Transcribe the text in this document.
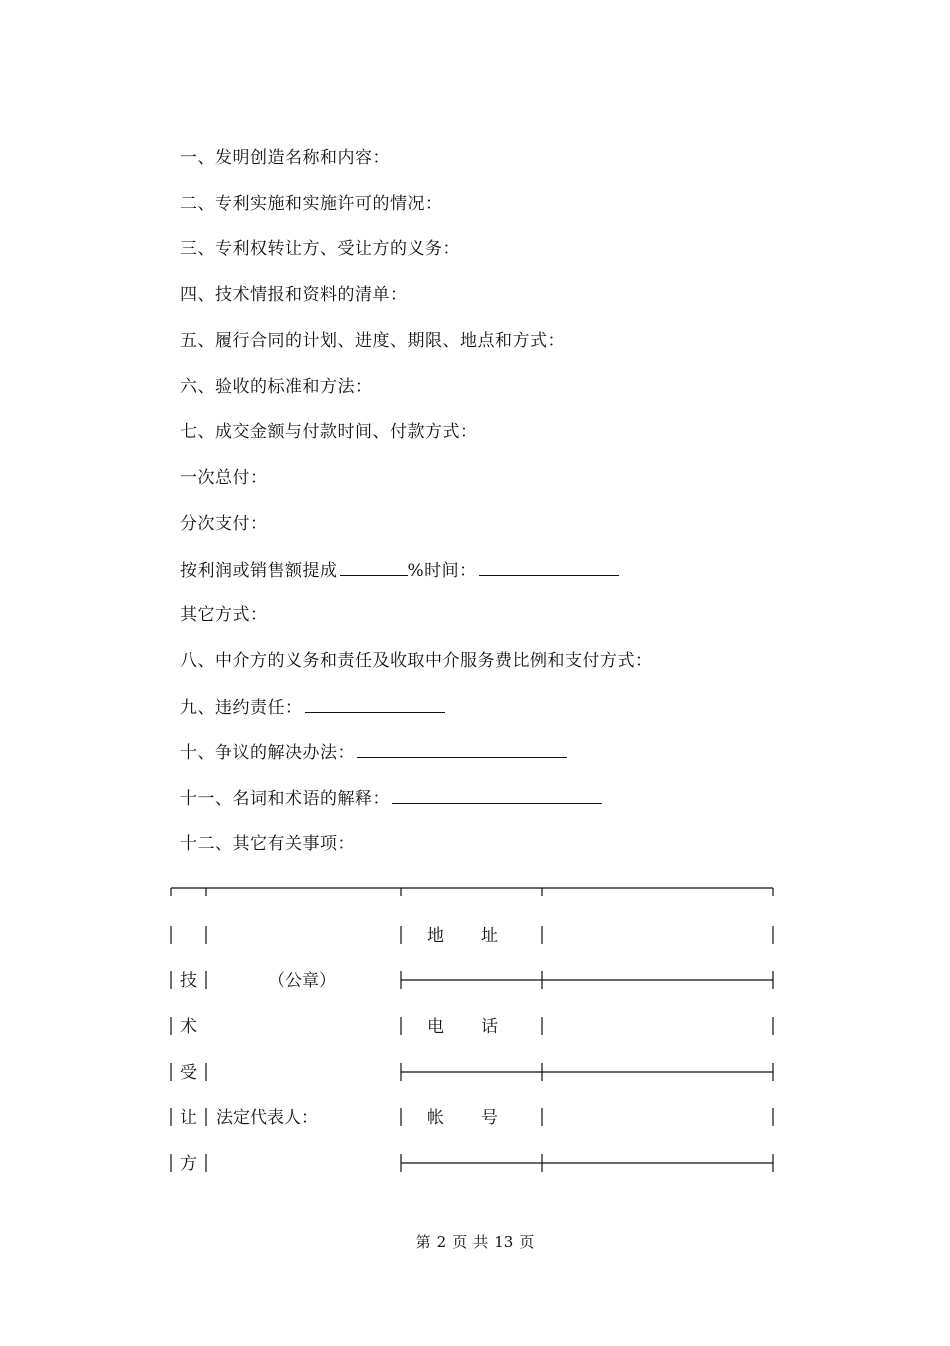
一、发明创造名称和内容：
二、专利实施和实施许可的情况：
三、专利权转让方、受让方的义务：
四、技术情报和资料的清单：
五、履行合同的计划、进度、期限、地点和方式：
六、验收的标准和方法：
七、成交金额与付款时间、付款方式：
一次总付：
分次支付：
按利润或销售额提成	%时间：
其它方式：
八、中介方的义务和责任及收取中介服务费比例和支付方式：
九、违约责任：
十、争议的解决办法：
十一、名词和术语的解释：
十二、其它有关事项：
技
术
受
让
方
（公章）
法定代表人：
地 址
电 话
帐 号
第 2 页 共 13 页
